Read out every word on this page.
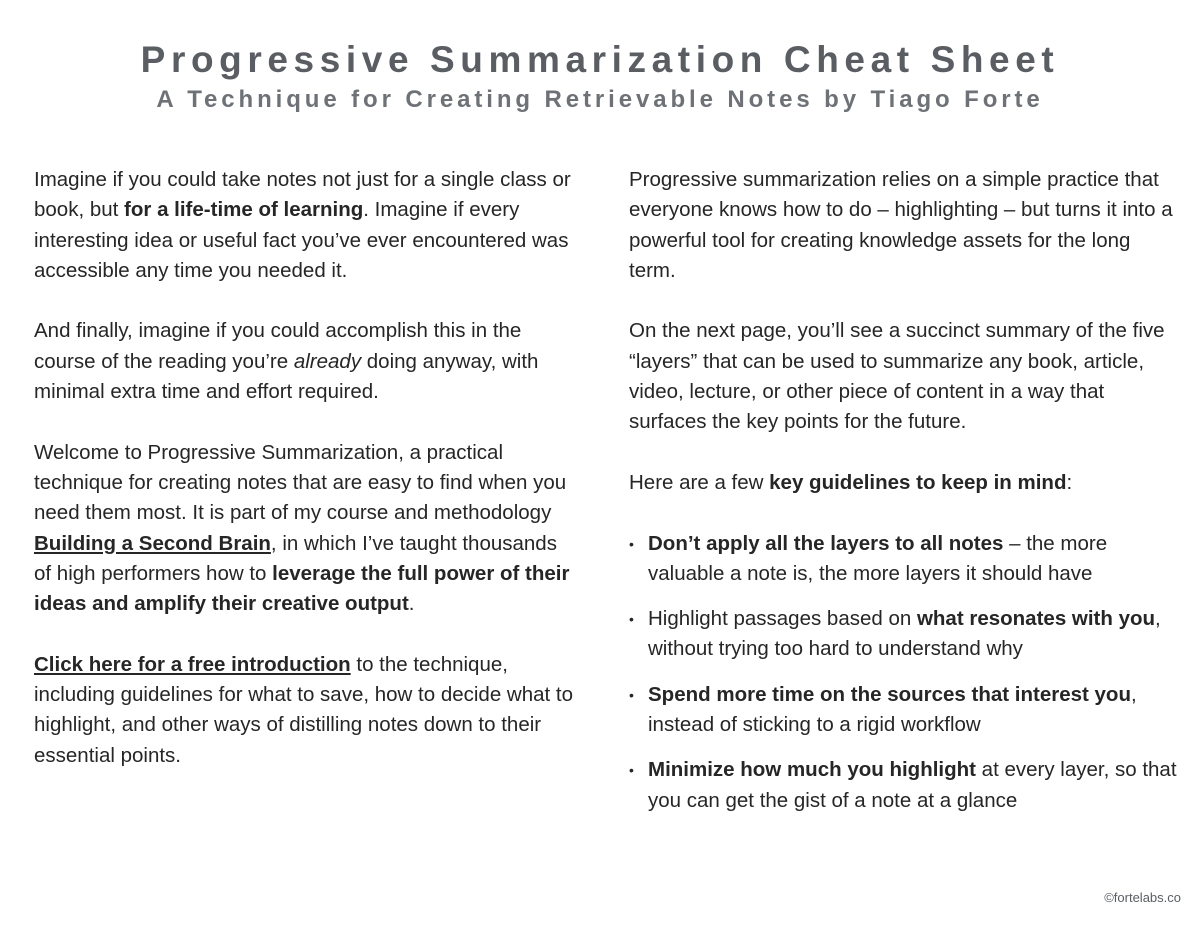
Progressive Summarization Cheat Sheet
A Technique for Creating Retrievable Notes by Tiago Forte

Imagine if you could take notes not just for a single class or book, but for a life-time of learning. Imagine if every interesting idea or useful fact you’ve ever encountered was accessible any time you needed it.

And finally, imagine if you could accomplish this in the course of the reading you’re already doing anyway, with minimal extra time and effort required.

Welcome to Progressive Summarization, a practical technique for creating notes that are easy to find when you need them most. It is part of my course and methodology Building a Second Brain, in which I’ve taught thousands of high performers how to leverage the full power of their ideas and amplify their creative output.

Click here for a free introduction to the technique, including guidelines for what to save, how to decide what to highlight, and other ways of distilling notes down to their essential points.

Progressive summarization relies on a simple practice that everyone knows how to do – highlighting – but turns it into a powerful tool for creating knowledge assets for the long term.

On the next page, you’ll see a succinct summary of the five “layers” that can be used to summarize any book, article, video, lecture, or other piece of content in a way that surfaces the key points for the future.

Here are a few key guidelines to keep in mind:

• Don’t apply all the layers to all notes – the more valuable a note is, the more layers it should have
• Highlight passages based on what resonates with you, without trying too hard to understand why
• Spend more time on the sources that interest you, instead of sticking to a rigid workflow
• Minimize how much you highlight at every layer, so that you can get the gist of a note at a glance
©fortelabs.co
